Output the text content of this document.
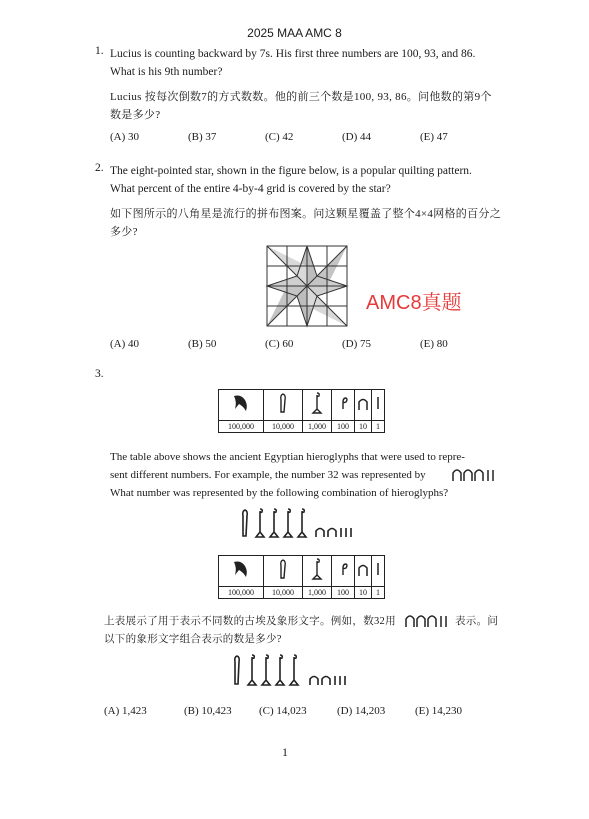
2025 MAA AMC 8
1. Lucius is counting backward by 7s. His first three numbers are 100, 93, and 86.
What is his 9th number?
Lucius 按每次倒数7的方式数数。他的前三个数是100, 93, 86。问他数的第9个
数是多少?
(A) 30	(B) 37	(C) 42	(D) 44	(E) 47
2. The eight-pointed star, shown in the figure below, is a popular quilting pattern.
What percent of the entire 4-by-4 grid is covered by the star?
如下图所示的八角星是流行的拼布图案。问这颗星覆盖了整个4×4网格的百分之
多少?
AMC8真题
(A) 40	(B) 50	(C) 60	(D) 75	(E) 80
3.

100,000	10,000	1,000	100	10	1
The table above shows the ancient Egyptian hieroglyphs that were used to repre-
sent different numbers. For example, the number 32 was represented by
What number was represented by the following combination of hieroglyphs?

100,000	10,000	1,000	100	10	1
上表展示了用于表示不同数的古埃及象形文字。例如，数32用	表示。问
以下的象形文字组合表示的数是多少?
(A) 1,423	(B) 10,423 (C) 14,023	(D) 14,203	(E) 14,230
1
